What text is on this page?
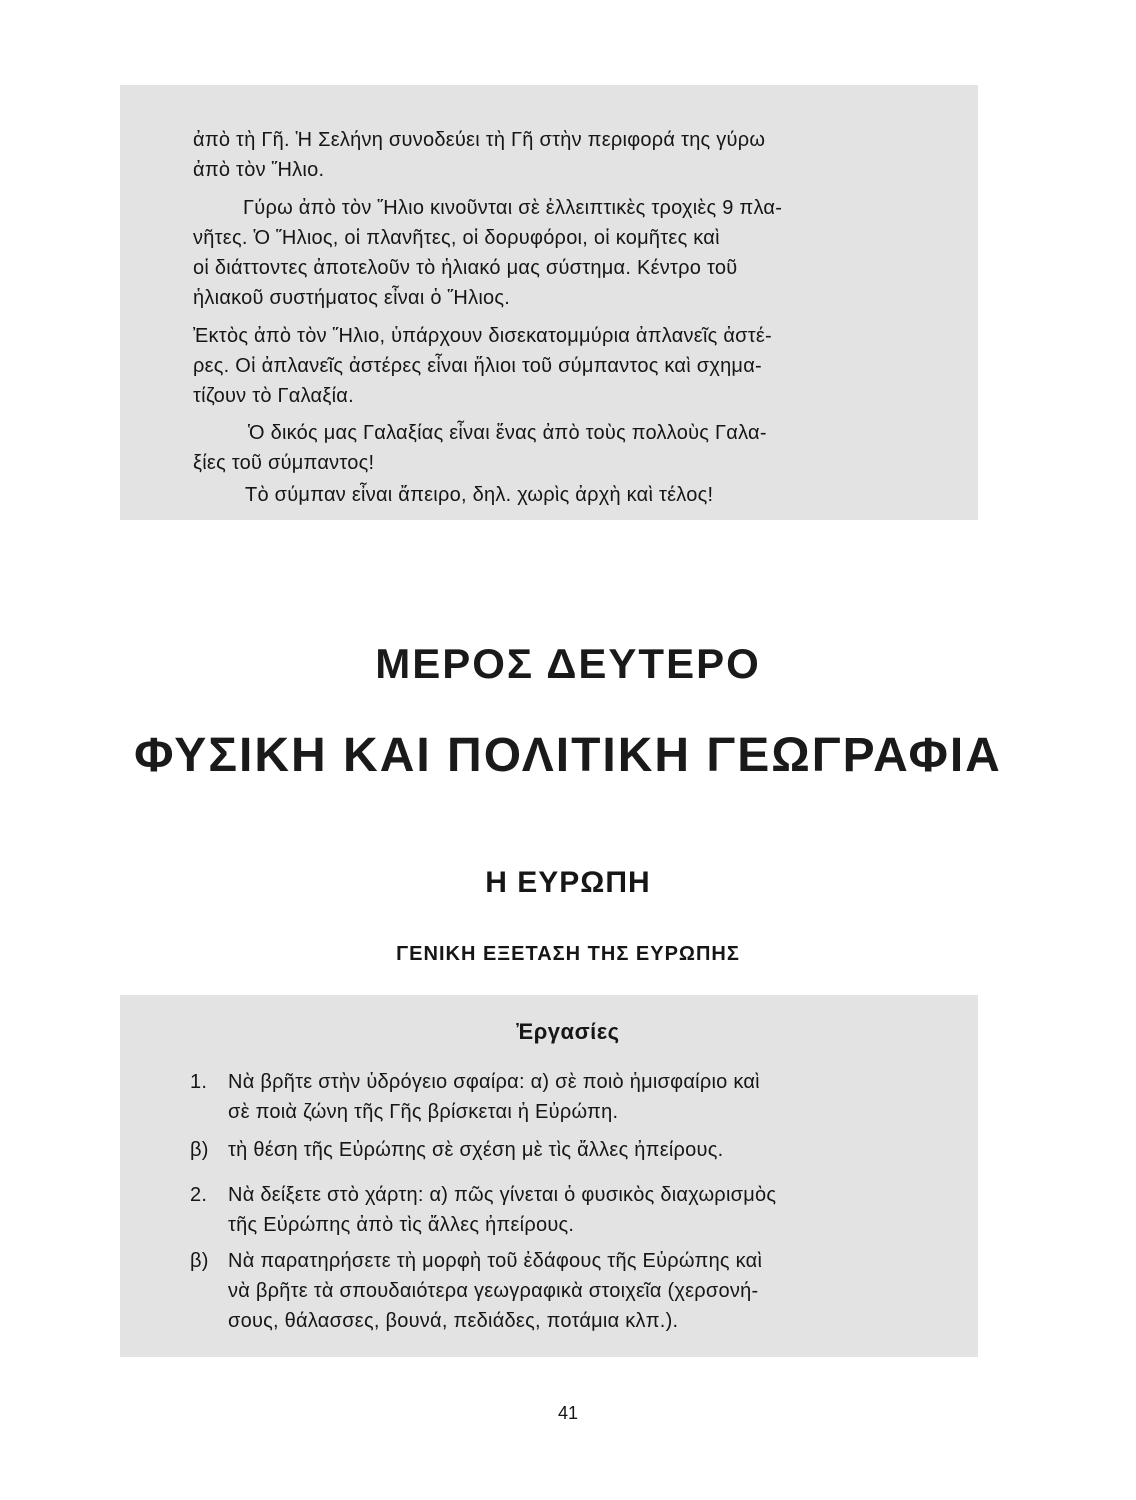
ἀπὸ τὴ Γῆ. Ἡ Σελήνη συνοδεύει τὴ Γῆ στὴν περιφορά της γύρω
ἀπὸ τὸν Ἥλιο.

Γύρω ἀπὸ τὸν Ἥλιο κινοῦνται σὲ ἐλλειπτικὲς τροχιὲς 9 πλα-
νῆτες. Ὁ Ἥλιος, οἱ πλανῆτες, οἱ δορυφόροι, οἱ κομῆτες καὶ
οἱ διάττοντες ἀποτελοῦν τὸ ἡλιακό μας σύστημα. Κέντρο τοῦ
ἡλιακοῦ συστήματος εἶναι ὁ Ἥλιος.

Ἐκτὸς ἀπὸ τὸν Ἥλιο, ὑπάρχουν δισεκατομμύρια ἀπλανεῖς ἀστέ-
ρες. Οἱ ἀπλανεῖς ἀστέρες εἶναι ἥλιοι τοῦ σύμπαντος καὶ σχημα-
τίζουν τὸ Γαλαξία.

Ὁ δικός μας Γαλαξίας εἶναι ἕνας ἀπὸ τοὺς πολλοὺς Γαλα-
ξίες τοῦ σύμπαντος!

Τὸ σύμπαν εἶναι ἄπειρο, δηλ. χωρὶς ἀρχὴ καὶ τέλος!

ΜΕΡΟΣ ΔΕΥΤΕΡΟ
ΦΥΣΙΚΗ ΚΑΙ ΠΟΛΙΤΙΚΗ ΓΕΩΓΡΑΦΙΑ
Η ΕΥΡΩΠΗ
ΓΕΝΙΚΗ ΕΞΕΤΑΣΗ ΤΗΣ ΕΥΡΩΠΗΣ
Ἐργασίες

1. Νὰ βρῆτε στὴν ὑδρόγειο σφαίρα: α) σὲ ποιὸ ἡμισφαίριο καὶ
σὲ ποιὰ ζώνη τῆς Γῆς βρίσκεται ἡ Εὐρώπη.

β) τὴ θέση τῆς Εὐρώπης σὲ σχέση μὲ τὶς ἄλλες ἠπείρους.

2. Νὰ δείξετε στὸ χάρτη: α) πῶς γίνεται ὁ φυσικὸς διαχωρισμὸς
τῆς Εὐρώπης ἀπὸ τὶς ἄλλες ἠπείρους.

β) Νὰ παρατηρήσετε τὴ μορφὴ τοῦ ἐδάφους τῆς Εὐρώπης καὶ
νὰ βρῆτε τὰ σπουδαιότερα γεωγραφικὰ στοιχεῖα (χερσονή-
σους, θάλασσες, βουνά, πεδιάδες, ποτάμια κλπ.).

41
